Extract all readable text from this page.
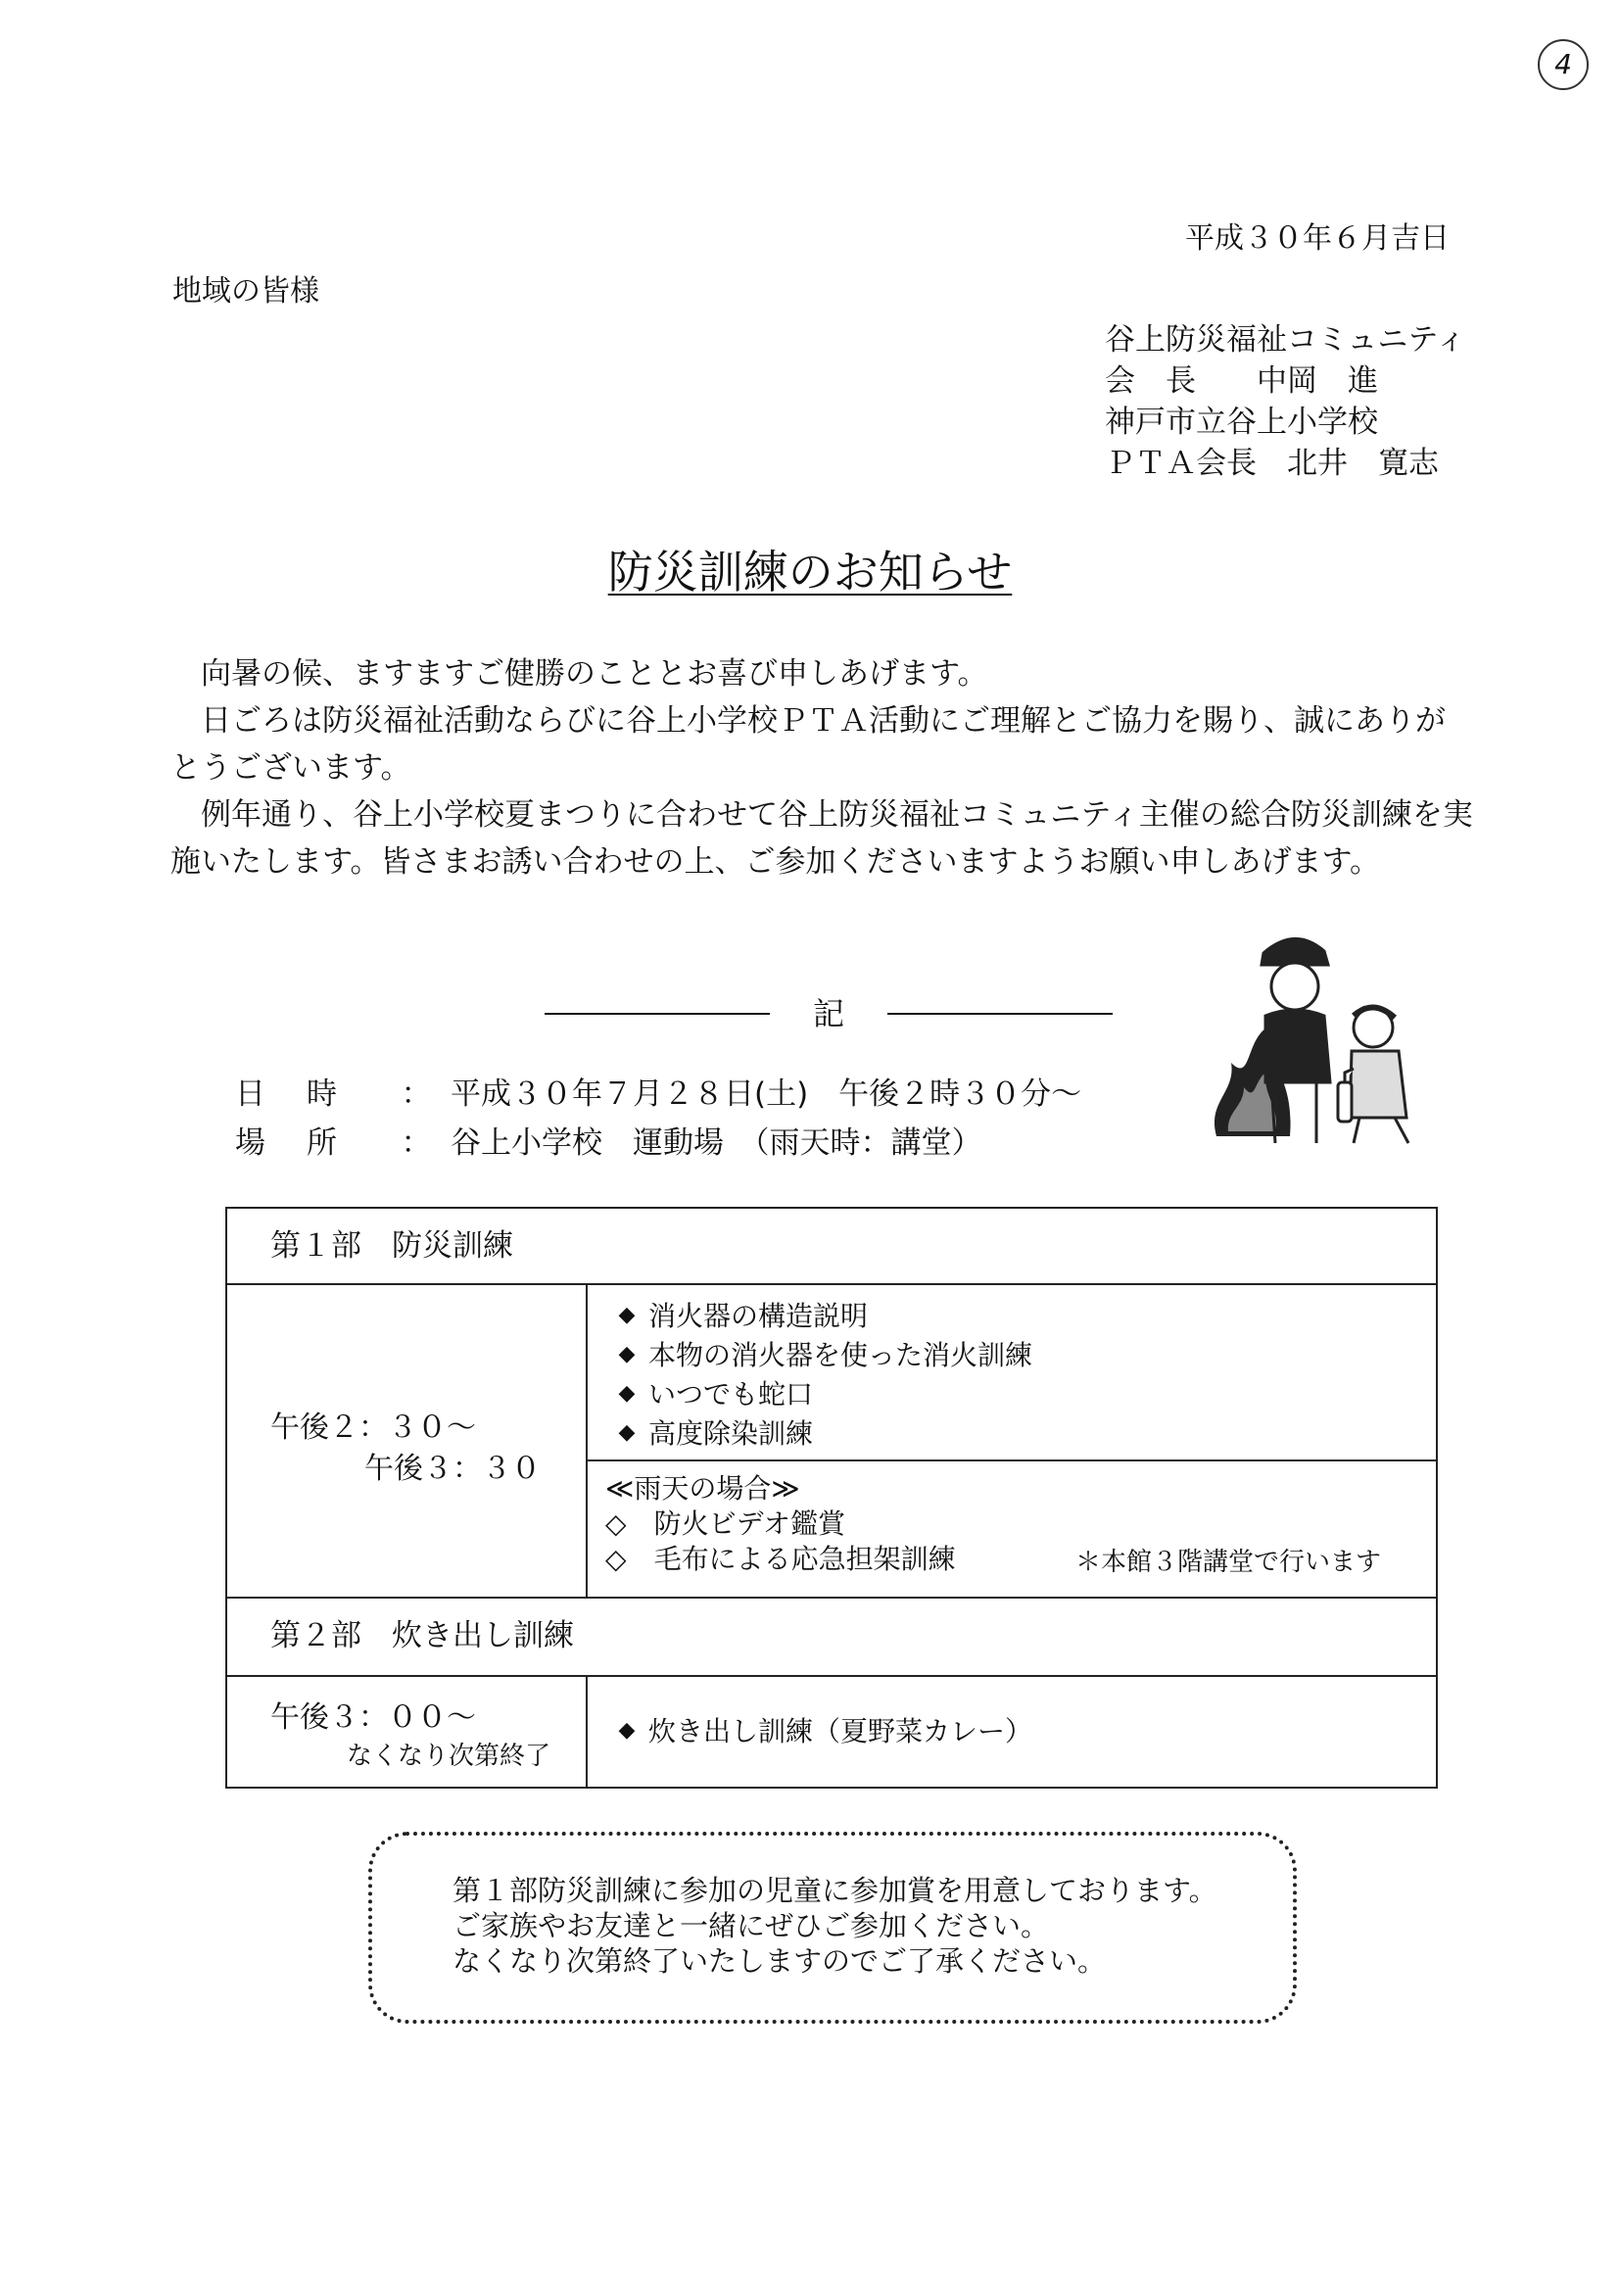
4
平成３０年６月吉日
地域の皆様
谷上防災福祉コミュニティ
会　長　　中岡　進
神戸市立谷上小学校
ＰＴＡ会長　北井　寛志
防災訓練のお知らせ

向暑の候、ますますご健勝のこととお喜び申しあげます。

日ごろは防災福祉活動ならびに谷上小学校ＰＴＡ活動にご理解とご協力を賜り、誠にありがとうございます。

例年通り、谷上小学校夏まつりに合わせて谷上防災福祉コミュニティ主催の総合防災訓練を実施いたします。皆さまお誘い合わせの上、ご参加くださいますようお願い申しあげます。

記
日時 ： 平成３０年７月２８日(土)　午後２時３０分～
場所 ： 谷上小学校　運動場　（雨天時：講堂）
第１部　防災訓練
午後２：３０～
午後３：３０
◆ 消火器の構造説明
◆ 本物の消火器を使った消火訓練
◆ いつでも蛇口
◆ 高度除染訓練
≪雨天の場合≫
◇　 防火ビデオ鑑賞
◇　 毛布による応急担架訓練	＊本館３階講堂で行います
第２部　炊き出し訓練
午後３：００～
なくなり次第終了
◆ 炊き出し訓練（夏野菜カレー）
第１部防災訓練に参加の児童に参加賞を用意しております。
ご家族やお友達と一緒にぜひご参加ください。
なくなり次第終了いたしますのでご了承ください。
